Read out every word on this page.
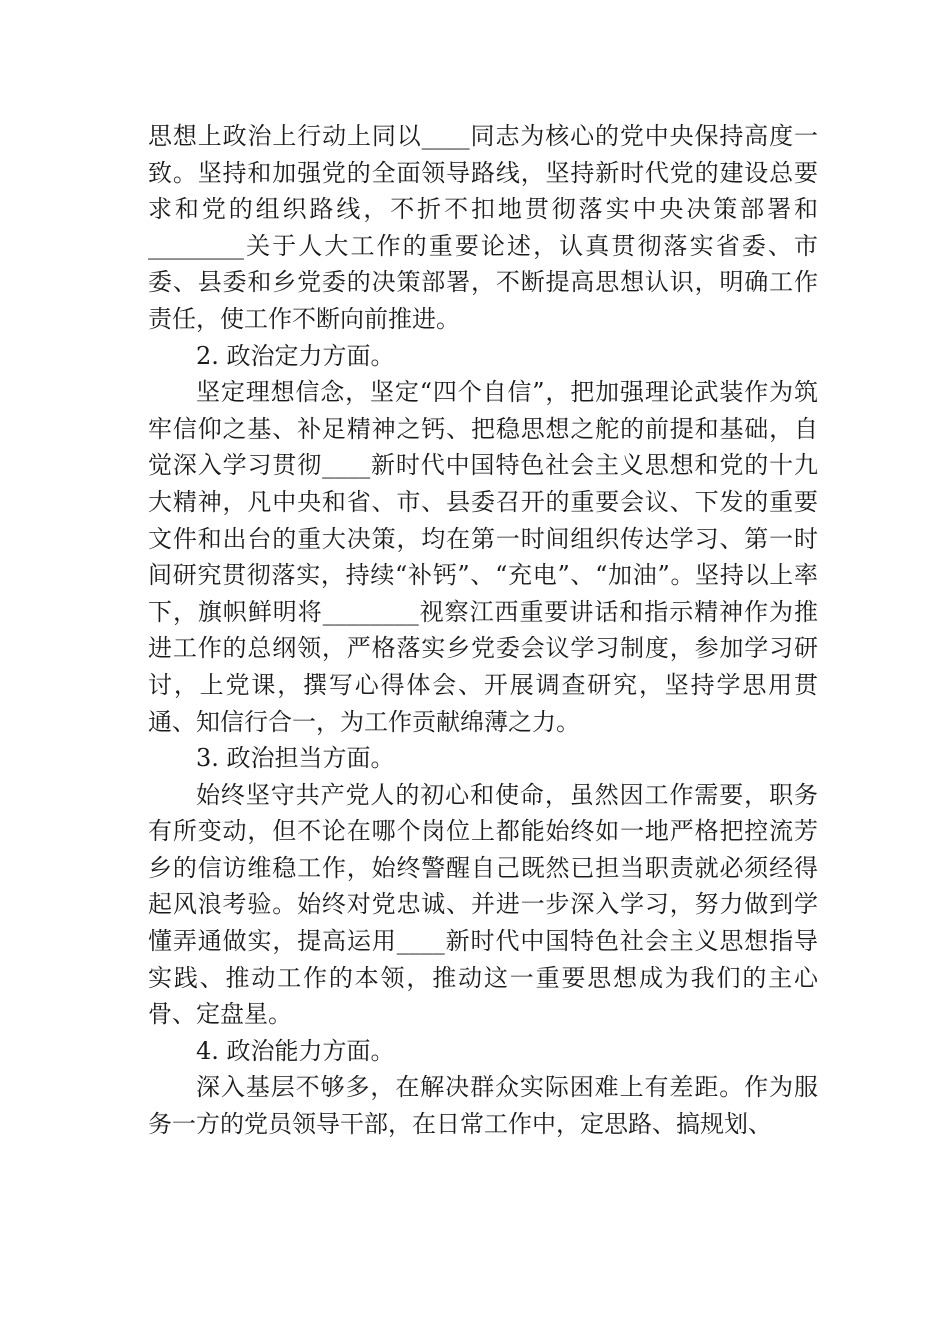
思想上政治上行动上同以____同志为核心的党中央保持高度一致。坚持和加强党的全面领导路线，坚持新时代党的建设总要求和党的组织路线，不折不扣地贯彻落实中央决策部署和________关于人大工作的重要论述，认真贯彻落实省委、市委、县委和乡党委的决策部署，不断提高思想认识，明确工作责任，使工作不断向前推进。

2. 政治定力方面。

坚定理想信念，坚定“四个自信”，把加强理论武装作为筑牢信仰之基、补足精神之钙、把稳思想之舵的前提和基础，自觉深入学习贯彻____新时代中国特色社会主义思想和党的十九大精神，凡中央和省、市、县委召开的重要会议、下发的重要文件和出台的重大决策，均在第一时间组织传达学习、第一时间研究贯彻落实，持续“补钙”、“充电”、“加油”。坚持以上率下，旗帜鲜明将________视察江西重要讲话和指示精神作为推进工作的总纲领，严格落实乡党委会议学习制度，参加学习研讨，上党课，撰写心得体会、开展调查研究，坚持学思用贯通、知信行合一，为工作贡献绵薄之力。

3. 政治担当方面。

始终坚守共产党人的初心和使命，虽然因工作需要，职务有所变动，但不论在哪个岗位上都能始终如一地严格把控流芳乡的信访维稳工作，始终警醒自己既然已担当职责就必须经得起风浪考验。始终对党忠诚、并进一步深入学习，努力做到学懂弄通做实，提高运用____新时代中国特色社会主义思想指导实践、推动工作的本领，推动这一重要思想成为我们的主心骨、定盘星。

4. 政治能力方面。

深入基层不够多，在解决群众实际困难上有差距。作为服务一方的党员领导干部，在日常工作中，定思路、搞规划、
